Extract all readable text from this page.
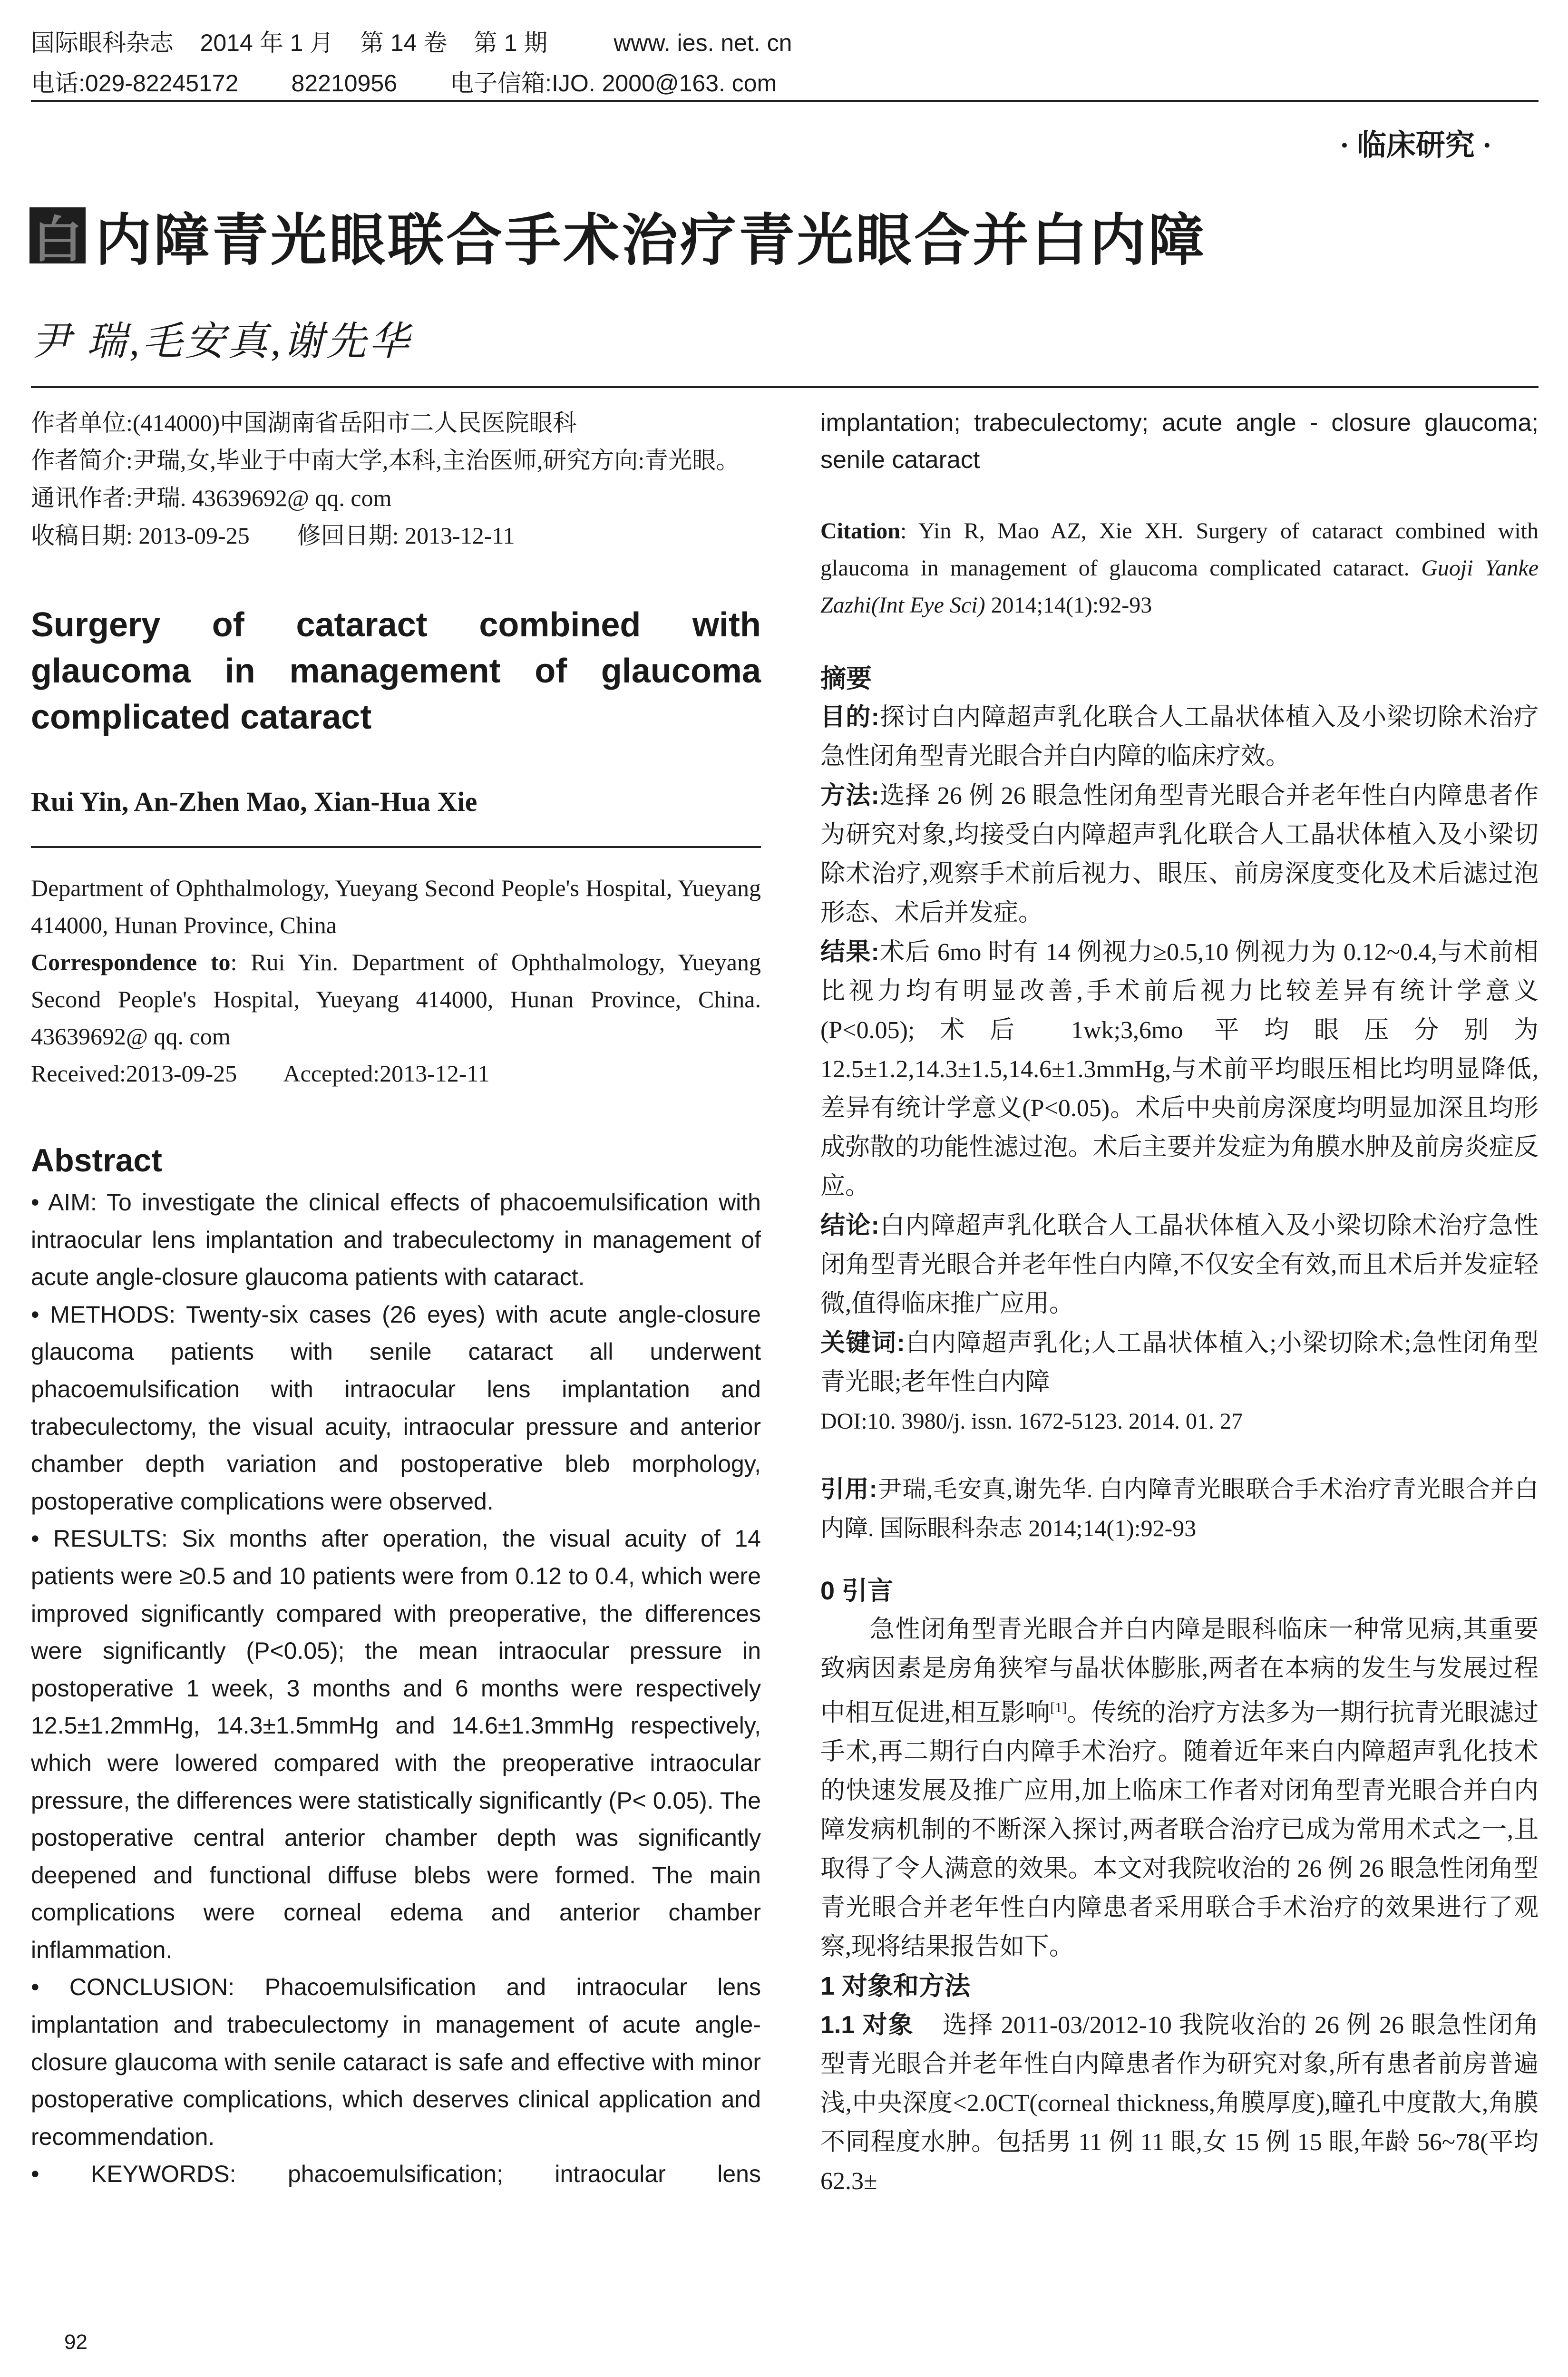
国际眼科杂志    2014 年 1 月    第 14 卷    第 1 期          www. ies. net. cn
电话:029-82245172        82210956        电子信箱:IJO. 2000@163. com
· 临床研究 ·
白 内障青光眼联合手术治疗青光眼合并白内障
尹 瑞,毛安真,谢先华
作者单位:(414000)中国湖南省岳阳市二人民医院眼科
作者简介:尹瑞,女,毕业于中南大学,本科,主治医师,研究方向:青光眼。
通讯作者:尹瑞. 43639692@ qq. com
收稿日期: 2013-09-25        修回日期: 2013-12-11
Surgery of cataract combined with
glaucoma in management of glaucoma
complicated cataract
Rui Yin, An-Zhen Mao, Xian-Hua Xie
Department of Ophthalmology, Yueyang Second People's Hospital, Yueyang 414000, Hunan Province, China
Correspondence to: Rui Yin. Department of Ophthalmology, Yueyang Second People's Hospital, Yueyang 414000, Hunan Province, China. 43639692@ qq. com
Received:2013-09-25        Accepted:2013-12-11
Abstract
• AIM: To investigate the clinical effects of phacoemulsification with intraocular lens implantation and trabeculectomy in management of acute angle-closure glaucoma patients with cataract.
• METHODS: Twenty-six cases (26 eyes) with acute angle-closure glaucoma patients with senile cataract all underwent phacoemulsification with intraocular lens implantation and trabeculectomy, the visual acuity, intraocular pressure and anterior chamber depth variation and postoperative bleb morphology, postoperative complications were observed.
• RESULTS: Six months after operation, the visual acuity of 14 patients were ≥0.5 and 10 patients were from 0.12 to 0.4, which were improved significantly compared with preoperative, the differences were significantly (P<0.05); the mean intraocular pressure in postoperative 1 week, 3 months and 6 months were respectively 12.5±1.2mmHg, 14.3±1.5mmHg and 14.6±1.3mmHg respectively, which were lowered compared with the preoperative intraocular pressure, the differences were statistically significantly (P< 0.05). The postoperative central anterior chamber depth was significantly deepened and functional diffuse blebs were formed. The main complications were corneal edema and anterior chamber inflammation.
• CONCLUSION: Phacoemulsification and intraocular lens implantation and trabeculectomy in management of acute angle-closure glaucoma with senile cataract is safe and effective with minor postoperative complications, which deserves clinical application and recommendation.
• KEYWORDS: phacoemulsification; intraocular lens
implantation; trabeculectomy; acute angle - closure glaucoma; senile cataract
Citation: Yin R, Mao AZ, Xie XH. Surgery of cataract combined with glaucoma in management of glaucoma complicated cataract. Guoji Yanke Zazhi(Int Eye Sci) 2014;14(1):92-93
摘要
目的:探讨白内障超声乳化联合人工晶状体植入及小梁切除术治疗急性闭角型青光眼合并白内障的临床疗效。
方法:选择 26 例 26 眼急性闭角型青光眼合并老年性白内障患者作为研究对象,均接受白内障超声乳化联合人工晶状体植入及小梁切除术治疗,观察手术前后视力、眼压、前房深度变化及术后滤过泡形态、术后并发症。
结果:术后 6mo 时有 14 例视力≥0.5,10 例视力为 0.12~0.4,与术前相比视力均有明显改善,手术前后视力比较差异有统计学意义(P<0.05);术后 1wk;3,6mo 平均眼压分别为 12.5±1.2,14.3±1.5,14.6±1.3mmHg,与术前平均眼压相比均明显降低,差异有统计学意义(P<0.05)。术后中央前房深度均明显加深且均形成弥散的功能性滤过泡。术后主要并发症为角膜水肿及前房炎症反应。
结论:白内障超声乳化联合人工晶状体植入及小梁切除术治疗急性闭角型青光眼合并老年性白内障,不仅安全有效,而且术后并发症轻微,值得临床推广应用。
关键词:白内障超声乳化;人工晶状体植入;小梁切除术;急性闭角型青光眼;老年性白内障
DOI:10. 3980/j. issn. 1672-5123. 2014. 01. 27
引用:尹瑞,毛安真,谢先华. 白内障青光眼联合手术治疗青光眼合并白内障. 国际眼科杂志 2014;14(1):92-93
0 引言
急性闭角型青光眼合并白内障是眼科临床一种常见病,其重要致病因素是房角狭窄与晶状体膨胀,两者在本病的发生与发展过程中相互促进,相互影响[1]。传统的治疗方法多为一期行抗青光眼滤过手术,再二期行白内障手术治疗。随着近年来白内障超声乳化技术的快速发展及推广应用,加上临床工作者对闭角型青光眼合并白内障发病机制的不断深入探讨,两者联合治疗已成为常用术式之一,且取得了令人满意的效果。本文对我院收治的 26 例 26 眼急性闭角型青光眼合并老年性白内障患者采用联合手术治疗的效果进行了观察,现将结果报告如下。
1 对象和方法
1.1 对象 选择 2011-03/2012-10 我院收治的 26 例 26 眼急性闭角型青光眼合并老年性白内障患者作为研究对象,所有患者前房普遍浅,中央深度<2.0CT(corneal thickness,角膜厚度),瞳孔中度散大,角膜不同程度水肿。包括男 11 例 11 眼,女 15 例 15 眼,年龄 56~78(平均 62.3±
92
